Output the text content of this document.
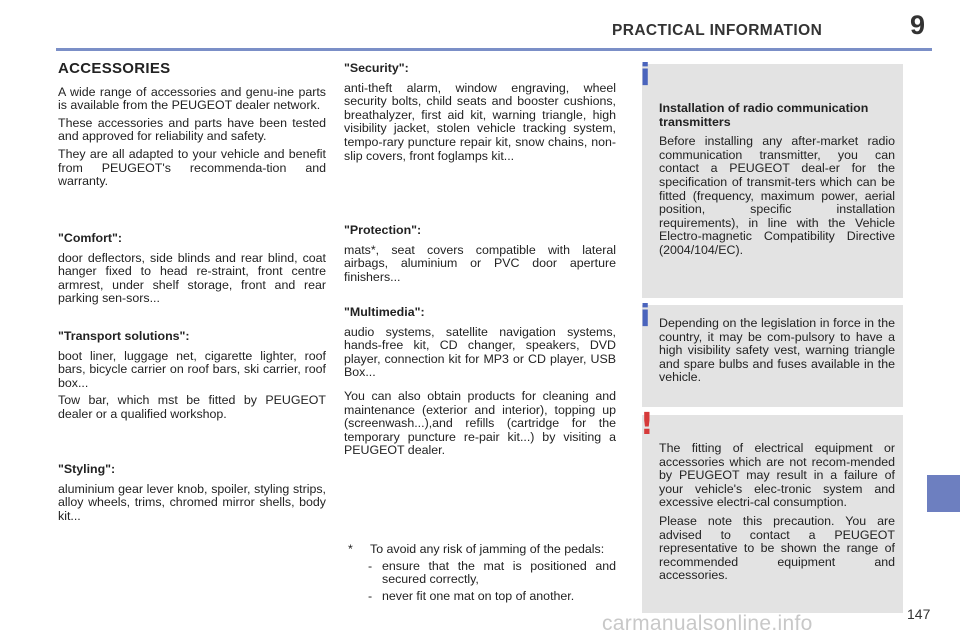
PRACTICAL INFORMATION	9
ACCESSORIES

A wide range of accessories and genu-ine parts is available from the PEUGEOT dealer network.

These accessories and parts have been tested and approved for reliability and safety.

They are all adapted to your vehicle and benefit from PEUGEOT's recommenda-tion and warranty.

"Comfort":

door deflectors, side blinds and rear blind, coat hanger fixed to head re-straint, front centre armrest, under shelf storage, front and rear parking sen-sors...

"Transport solutions":

boot liner, luggage net, cigarette lighter, roof bars, bicycle carrier on roof bars, ski carrier, roof box...

Tow bar, which mst be fitted by PEUGEOT dealer or a qualified workshop.

"Styling":

aluminium gear lever knob, spoiler, styling strips, alloy wheels, trims, chromed mirror shells, body kit...

"Security":

anti-theft alarm, window engraving, wheel security bolts, child seats and booster cushions, breathalyzer, first aid kit, warning triangle, high visibility jacket, stolen vehicle tracking system, tempo-rary puncture repair kit, snow chains, non-slip covers, front foglamps kit...

"Protection":

mats*, seat covers compatible with lateral airbags, aluminium or PVC door aperture finishers...

"Multimedia":

audio systems, satellite navigation systems, hands-free kit, CD changer, speakers, DVD player, connection kit for MP3 or CD player, USB Box...

You can also obtain products for cleaning and maintenance (exterior and interior), topping up (screenwash...),and refills (cartridge for the temporary puncture re-pair kit...) by visiting a PEUGEOT dealer.

* To avoid any risk of jamming of the pedals:

- ensure that the mat is positioned and secured correctly,

- never fit one mat on top of another.

i
Installation of radio communication transmitters

Before installing any after-market radio communication transmitter, you can contact a PEUGEOT deal-er for the specification of transmit-ters which can be fitted (frequency, maximum power, aerial position, specific installation requirements), in line with the Vehicle Electro-magnetic Compatibility Directive (2004/104/EC).

i Depending on the legislation in force in the country, it may be com-pulsory to have a high visibility safety vest, warning triangle and spare bulbs and fuses available in the vehicle.

!

The fitting of electrical equipment or accessories which are not recom-mended by PEUGEOT may result in a failure of your vehicle's elec-tronic system and excessive electri-cal consumption.

Please note this precaution. You are advised to contact a PEUGEOT representative to be shown the range of recommended equipment and accessories.

carmanualsonline.info	147
